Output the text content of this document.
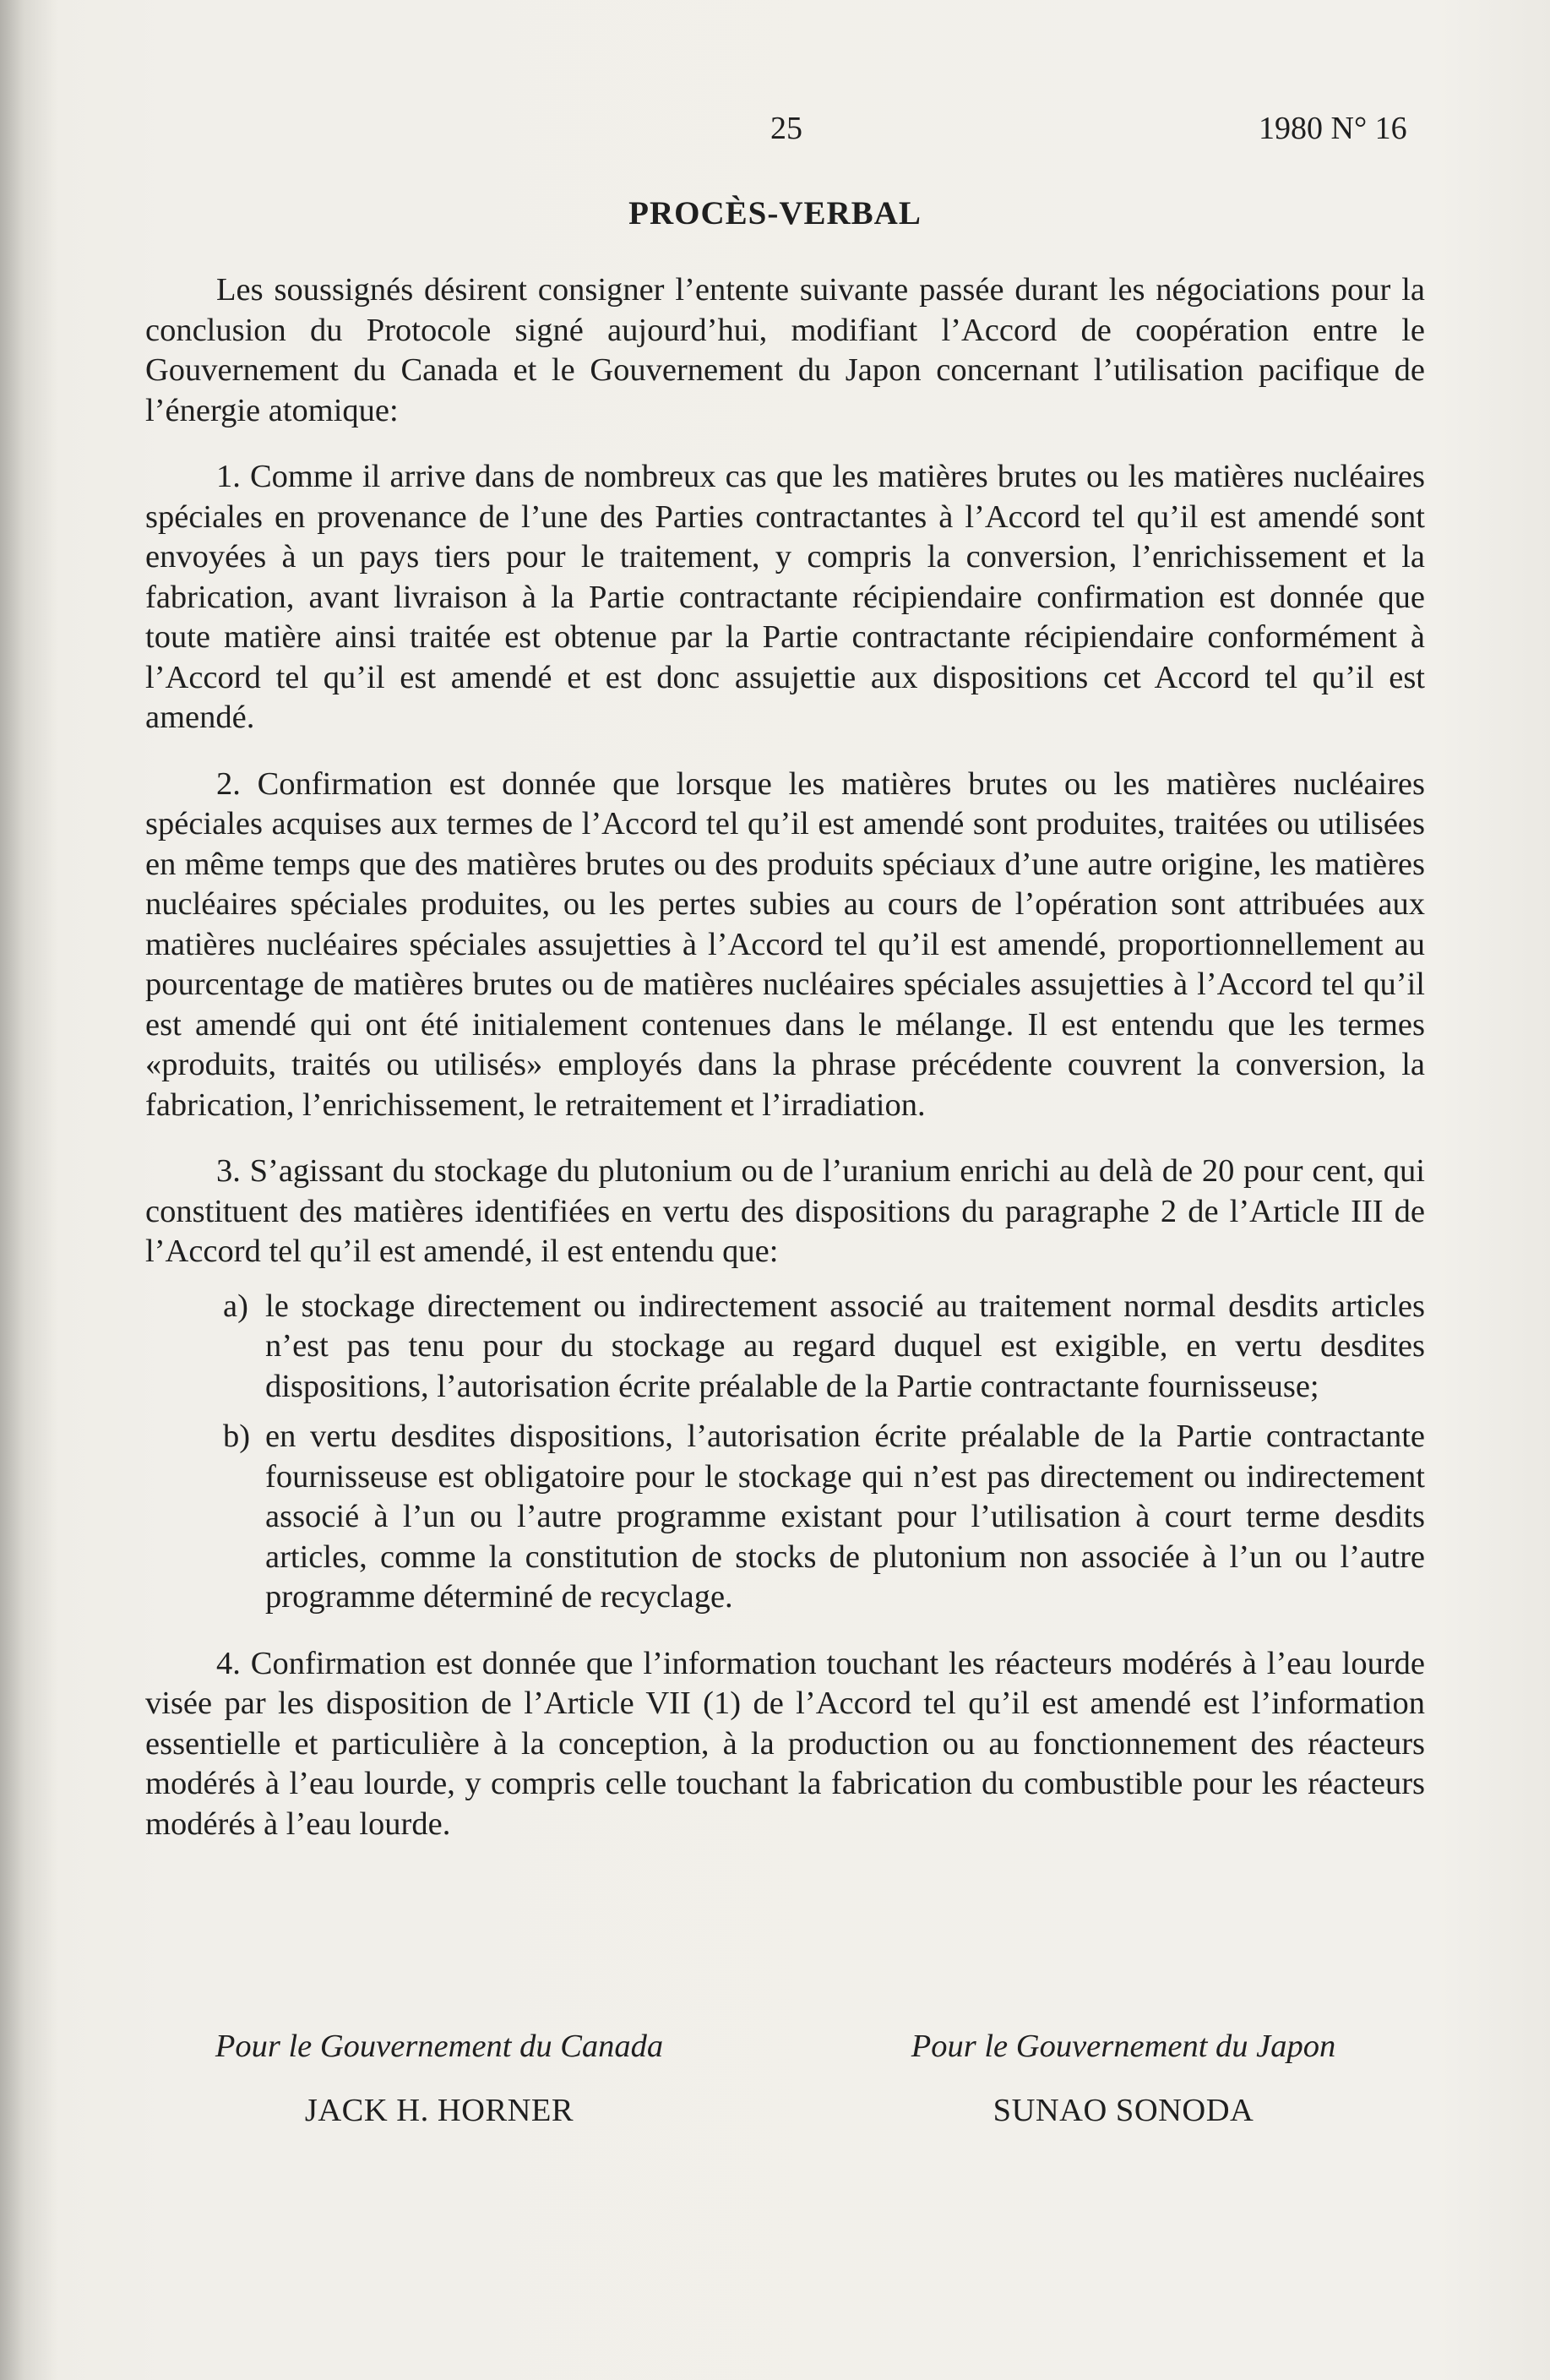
25	1980 N° 16
PROCÈS-VERBAL

Les soussignés désirent consigner l’entente suivante passée durant les négociations pour la conclusion du Protocole signé aujourd’hui, modifiant l’Accord de coopération entre le Gouvernement du Canada et le Gouvernement du Japon concernant l’utilisation pacifique de l’énergie atomique:

1. Comme il arrive dans de nombreux cas que les matières brutes ou les matières nucléaires spéciales en provenance de l’une des Parties contractantes à l’Accord tel qu’il est amendé sont envoyées à un pays tiers pour le traitement, y compris la conversion, l’enrichissement et la fabrication, avant livraison à la Partie contractante récipiendaire confirmation est donnée que toute matière ainsi traitée est obtenue par la Partie contractante récipiendaire conformément à l’Accord tel qu’il est amendé et est donc assujettie aux dispositions cet Accord tel qu’il est amendé.

2. Confirmation est donnée que lorsque les matières brutes ou les matières nucléaires spéciales acquises aux termes de l’Accord tel qu’il est amendé sont produites, traitées ou utilisées en même temps que des matières brutes ou des produits spéciaux d’une autre origine, les matières nucléaires spéciales produites, ou les pertes subies au cours de l’opération sont attribuées aux matières nucléaires spéciales assujetties à l’Accord tel qu’il est amendé, proportionnellement au pourcentage de matières brutes ou de matières nucléaires spéciales assujetties à l’Accord tel qu’il est amendé qui ont été initialement contenues dans le mélange. Il est entendu que les termes «produits, traités ou utilisés» employés dans la phrase précédente couvrent la conversion, la fabrication, l’enrichissement, le retraitement et l’irradiation.

3. S’agissant du stockage du plutonium ou de l’uranium enrichi au delà de 20 pour cent, qui constituent des matières identifiées en vertu des dispositions du paragraphe 2 de l’Article III de l’Accord tel qu’il est amendé, il est entendu que:

a) le stockage directement ou indirectement associé au traitement normal desdits articles n’est pas tenu pour du stockage au regard duquel est exigible, en vertu desdites dispositions, l’autorisation écrite préalable de la Partie contractante fournisseuse;
b) en vertu desdites dispositions, l’autorisation écrite préalable de la Partie contractante fournisseuse est obligatoire pour le stockage qui n’est pas directement ou indirectement associé à l’un ou l’autre programme existant pour l’utilisation à court terme desdits articles, comme la constitution de stocks de plutonium non associée à l’un ou l’autre programme déterminé de recyclage.

4. Confirmation est donnée que l’information touchant les réacteurs modérés à l’eau lourde visée par les disposition de l’Article VII (1) de l’Accord tel qu’il est amendé est l’information essentielle et particulière à la conception, à la production ou au fonctionnement des réacteurs modérés à l’eau lourde, y compris celle touchant la fabrication du combustible pour les réacteurs modérés à l’eau lourde.

Pour le Gouvernement du Canada
JACK H. HORNER
Pour le Gouvernement du Japon
SUNAO SONODA
